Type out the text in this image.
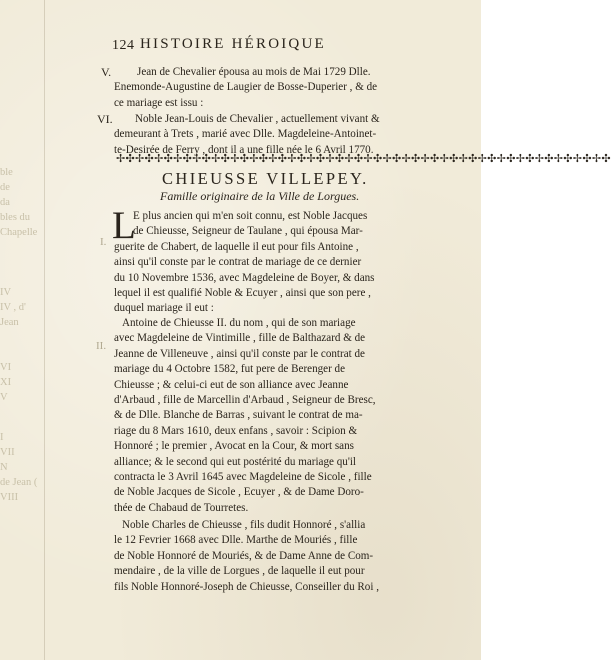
ble
de
da
bles du
Chapelle
IV
IV , d'
Jean
VI
XI
V
I
VII
N
de Jean (
VIII
124 HISTOIRE HÉROIQUE
V. Jean de Chevalier épousa au mois de Mai 1729 Dlle.
Enemonde-Augustine de Laugier de Bosse-Duperier , & de
ce mariage est issu :
VI. Noble Jean-Louis de Chevalier , actuellement vivant &
demeurant à Trets , marié avec Dlle. Magdeleine-Antoinet-
te-Desirée de Ferry , dont il a une fille née le 6 Avril 1770.
✢✣✢✣✢✣✢✣✢✣✢✣✢✣✢✣✢✣✢✣✢✣✢✣✢✣✢✣✢✣✢✣✢✣✢✣✢✣✢✣✢✣✢✣✢✣✢✣✢✣✢✣
CHIEUSSE VILLEPEY.
Famille originaire de la Ville de Lorgues.
L
I.
II.
E plus ancien qui m'en soit connu, est Noble Jacques
de Chieusse, Seigneur de Taulane , qui épousa Mar-
guerite de Chabert, de laquelle il eut pour fils Antoine ,
ainsi qu'il conste par le contrat de mariage de ce dernier
du 10 Novembre 1536, avec Magdeleine de Boyer, & dans
lequel il est qualifié Noble & Ecuyer , ainsi que son pere ,
duquel mariage il eut :
Antoine de Chieusse II. du nom , qui de son mariage
avec Magdeleine de Vintimille , fille de Balthazard & de
Jeanne de Villeneuve , ainsi qu'il conste par le contrat de
mariage du 4 Octobre 1582, fut pere de Berenger de
Chieusse ; & celui-ci eut de son alliance avec Jeanne
d'Arbaud , fille de Marcellin d'Arbaud , Seigneur de Bresc,
& de Dlle. Blanche de Barras , suivant le contrat de ma-
riage du 8 Mars 1610, deux enfans , savoir : Scipion &
Honnoré ; le premier , Avocat en la Cour, & mort sans
alliance; & le second qui eut postérité du mariage qu'il
contracta le 3 Avril 1645 avec Magdeleine de Sicole , fille
de Noble Jacques de Sicole , Ecuyer , & de Dame Doro-
thée de Chabaud de Tourretes.
Noble Charles de Chieusse , fils dudit Honnoré , s'allia
le 12 Fevrier 1668 avec Dlle. Marthe de Mouriés , fille
de Noble Honnoré de Mouriés, & de Dame Anne de Com-
mendaire , de la ville de Lorgues , de laquelle il eut pour
fils Noble Honnoré-Joseph de Chieusse, Conseiller du Roi ,
